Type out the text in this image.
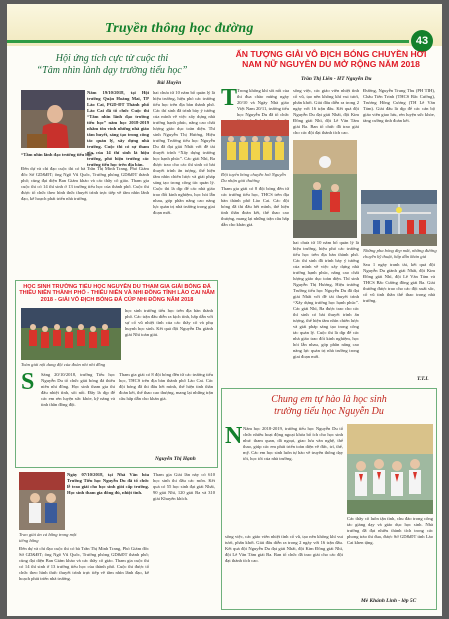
Truyền thông học đường
43
Hội ứng tích cực từ cuộc thi
“Tâm nhìn lành dạy trường tiểu học”
Bài Huyền
Năm 19/10/2018, tại Hội trường Quận Hoàng Mai, TP Lào Cai, PGD-ĐT Thành phố Lào Cai đã tổ chức Cuộc thi “Tâm nhìn lãnh đạo trường tiểu học” năm học 2018-2019 nhằm tôn vinh những nhà giáo tâm huyết, sáng tạo trong công tác quản lý, xây dựng nhà trường. Cuộc thi có sự tham gia của 14 thí sinh là hiệu trưởng, phó hiệu trưởng các trường tiểu học trên địa bàn.
“Tầm nhìn lãnh đạo trường tiểu học”
Đến dự và chỉ đạo cuộc thi có bà Trần Thị Minh Trang, Phó Giám đốc Sở GD&ĐT; ông Ngô Vũ Quốc, Trưởng phòng GD&ĐT thành phố; cùng đại diện Ban Giám khảo và các thầy cô giáo. Tham gia cuộc thi có 14 thí sinh ở 13 trường tiểu học của thành phố. Cuộc thi được tổ chức theo hình thức thuyết trình trực tiếp về tầm nhìn lãnh đạo, kế hoạch phát triển nhà trường.
hai chưa từ 10 năm bổ quản lý là hiệu trưởng, hiệu phó các trường tiểu học trên địa bàn thành phố. Các thí sinh đã trình bày ý tưởng của mình về việc xây dựng nhà trường hạnh phúc, nâng cao chất lượng giáo dục toàn diện. Thí sinh Nguyễn Thị Hương, Hiệu trưởng Trường tiểu học Nguyễn Du đã đạt giải Nhất với đề tài thuyết trình “Xây dựng trường học hạnh phúc”. Các giải Nhì, Ba được trao cho các thí sinh có bài thuyết trình ấn tượng, thể hiện tầm nhìn chiến lược và giải pháp sáng tạo trong công tác quản lý. Cuộc thi là dịp để các nhà giáo trao đổi kinh nghiệm, học hỏi lẫn nhau, góp phần nâng cao năng lực quản trị nhà trường trong giai đoạn mới.
HỌC SINH TRƯỜNG TIỂU HỌC NGUYỄN DU THAM GIA GIẢI BÓNG ĐÁ THIẾU NIÊN THÀNH PHỐ - THIẾU NIÊN VÀ NHI ĐỒNG TỈNH LÀO CAI NĂM 2018 - GIẢI VÔ ĐỊCH BÓNG ĐÁ CÚP NHI ĐỒNG NĂM 2018
học sinh trường tiểu học trên địa bàn thành phố. Các trận đấu diễn ra kịch tính, hấp dẫn với sự cổ vũ nhiệt tình của các thầy cô và phụ huynh học sinh. Kết quả đội Nguyễn Du giành giải Nhì toàn giải.
Toàn giải nội dung đội của đoàn nhi nhi đồng
S Sáng 20/10/2018, trường Tiểu học Nguyễn Du tổ chức giải bóng đá thiếu niên nhi đồng. Học sinh tham gia thi đấu nhiệt tình, sôi nổi. Đây là dịp để các em rèn luyện sức khỏe, kỹ năng và tinh thần đồng đội.
Tham gia giải có 8 đội bóng đến từ các trường tiểu học, THCS trên địa bàn thành phố Lào Cai. Các đội bóng đã thi đấu hết mình, thể hiện tinh thần đoàn kết, thể thao cao thượng, mang lại những trận cầu hấp dẫn cho khán giả.
Nguyễn Thị Hạnh
Ngày 07/10/2018, tại Nhà Văn hóa Trường Tiểu học Nguyễn Du đã tổ chức lễ trao giải cho học sinh giỏi cấp trường. Học sinh tham gia đông đủ, nhiệt tình.
Trao giải ăn cả bằng trong một tiếng bằng
Đến dự và chỉ đạo cuộc thi có bà Trần Thị Minh Trang, Phó Giám đốc Sở GD&ĐT; ông Ngô Vũ Quốc, Trưởng phòng GD&ĐT thành phố; cùng đại diện Ban Giám khảo và các thầy cô giáo. Tham gia cuộc thi có 14 thí sinh ở 13 trường tiểu học của thành phố. Cuộc thi được tổ chức theo hình thức thuyết trình trực tiếp về tầm nhìn lãnh đạo, kế hoạch phát triển nhà trường.
Tham gia Giải lần này có 610 học sinh thi đấu các môn. Kết quả có 55 học sinh đạt giải Nhất, 90 giải Nhì, 120 giải Ba và 310 giải Khuyến khích.
ẤN TƯỢNG GIẢI VÔ ĐỊCH BÓNG CHUYỀN HƠI NAM NỮ NGUYỄN DU MỞ RỘNG NĂM 2018
Trần Thị Liên - HT Nguyễn Du
T Trong không khí sôi nổi của thi đua chào mừng ngày 20/10 và Ngày Nhà giáo Việt Nam 20/11, trường tiểu học Nguyễn Du đã tổ chức
Đội tuyển bóng chuyền hơi Nguyễn Du nhận giải thưởng
Tham gia giải có 8 đội bóng đến từ các trường tiểu học, THCS trên địa bàn thành phố Lào Cai. Các đội bóng đã thi đấu hết mình, thể hiện tinh thần đoàn kết, thể thao cao thượng, mang lại những trận cầu hấp dẫn cho khán giả.
sống việc, các giáo viên nhiệt tình cổ vũ, tạo nên không khí vui tươi, phấn khởi. Giải đấu diễn ra trong 2 ngày với 16 trận đấu. Kết quả đội Nguyễn Du đạt giải Nhất, đội Kim Đồng giải Nhì, đội Lê Văn Tám giải Ba. Ban tổ chức đã trao giải cho các đội đạt thành tích cao.
hai chưa từ 10 năm bổ quản lý là hiệu trưởng, hiệu phó các trường tiểu học trên địa bàn thành phố. Các thí sinh đã trình bày ý tưởng của mình về việc xây dựng nhà trường hạnh phúc, nâng cao chất lượng giáo dục toàn diện. Thí sinh Nguyễn Thị Hương, Hiệu trưởng Trường tiểu học Nguyễn Du đã đạt giải Nhất với đề tài thuyết trình “Xây dựng trường học hạnh phúc”. Các giải Nhì, Ba được trao cho các thí sinh có bài thuyết trình ấn tượng, thể hiện tầm nhìn chiến lược và giải pháp sáng tạo trong công tác quản lý. Cuộc thi là dịp để các nhà giáo trao đổi kinh nghiệm, học hỏi lẫn nhau, góp phần nâng cao năng lực quản trị nhà trường trong giai đoạn mới.
Đường, Nguyễn Trung Thu (PH TIH), Châu Tiến Trinh (THCS Bắc Cường), Trương Hồng Cương (TH Lê Văn Tám). Giải đấu là dịp để các cán bộ giáo viên giao lưu, rèn luyện sức khỏe, tăng cường tình đoàn kết.
Những pha bóng đẹp mắt, những đường chuyền kỹ thuật, hấp dẫn khán giả
Sau 1 ngày tranh tài, kết quả đội Nguyễn Du giành giải Nhất, đội Kim Đồng giải Nhì, đội Lê Văn Tám và THCS Bắc Cường đồng giải Ba. Giải thưởng được trao cho các đội xuất sắc, cổ vũ tinh thần thể thao trong nhà trường.
T.T.L
Chung em tự hào là học sinh
trường tiểu học Nguyễn Du
N Năm học 2018-2019, trường tiểu học Nguyễn Du tổ chức nhiều hoạt động ngoại khóa bổ ích cho học sinh như: tham quan, dã ngoại, giao lưu văn nghệ, thể thao, giúp các em phát triển toàn diện về đức, trí, thể, mỹ. Các em học sinh luôn tự hào về truyền thống dạy tốt, học tốt của nhà trường.
sống việc, các giáo viên nhiệt tình cổ vũ, tạo nên không khí vui tươi, phấn khởi. Giải đấu diễn ra trong 2 ngày với 16 trận đấu. Kết quả đội Nguyễn Du đạt giải Nhất, đội Kim Đồng giải Nhì, đội Lê Văn Tám giải Ba. Ban tổ chức đã trao giải cho các đội đạt thành tích cao.
Các thầy cô luôn tận tình, chu đáo trong công tác giảng dạy và giáo dục học sinh. Nhà trường đã đạt nhiều thành tích trong các phong trào thi đua, được Sở GD&ĐT tỉnh Lào Cai khen tặng.
Mè Khánh Linh - lớp 5C
